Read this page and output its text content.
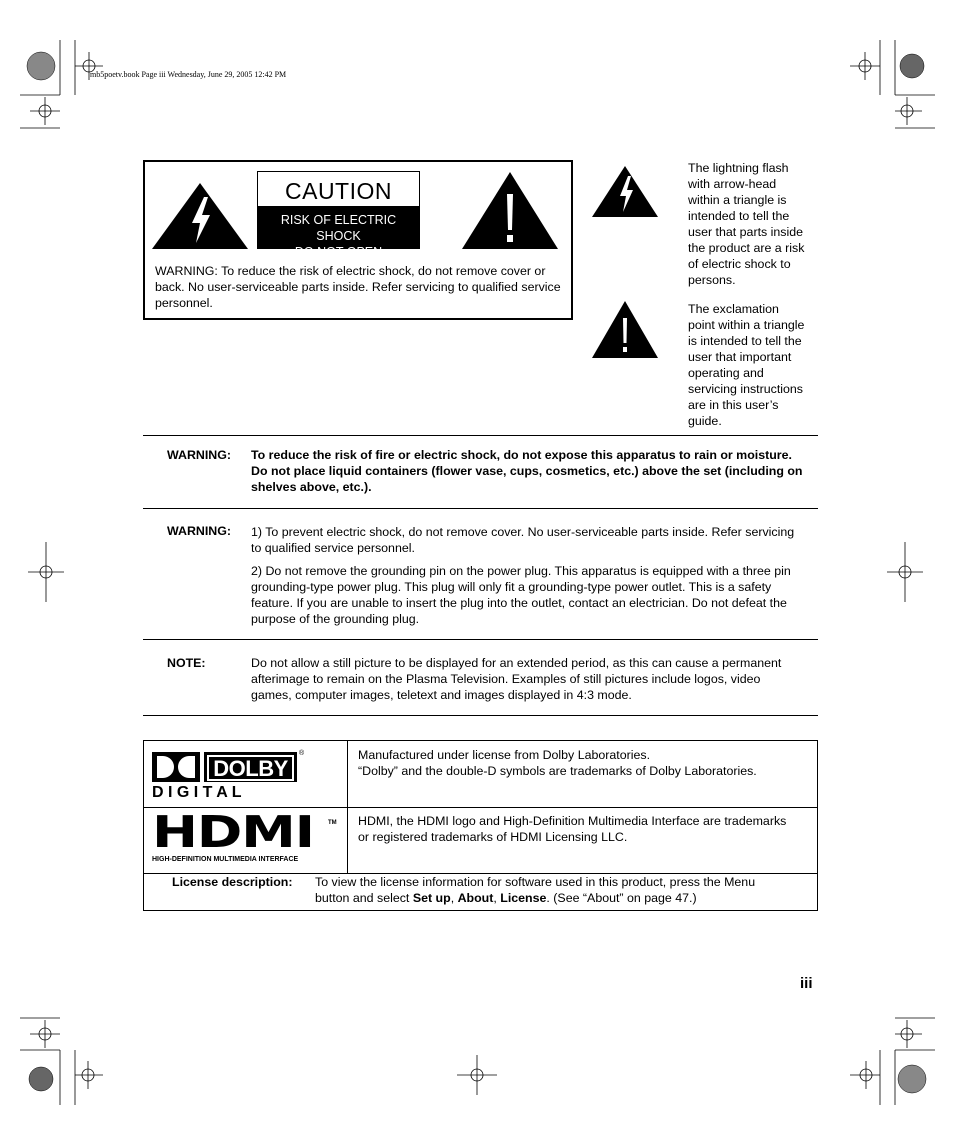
mb5poetv.book Page iii Wednesday, June 29, 2005 12:42 PM
CAUTION
RISK OF ELECTRIC SHOCK
DO NOT OPEN
WARNING: To reduce the risk of electric shock, do not remove cover or back. No user-serviceable parts inside. Refer servicing to qualified service personnel.
The lightning flash with arrow-head within a triangle is intended to tell the user that parts inside the product are a risk of electric shock to persons.
The exclamation point within a triangle is intended to tell the user that important operating and servicing instructions are in this user’s guide.
WARNING: To reduce the risk of fire or electric shock, do not expose this apparatus to rain or moisture. Do not place liquid containers (flower vase, cups, cosmetics, etc.) above the set (including on shelves above, etc.).
WARNING: 1) To prevent electric shock, do not remove cover. No user-serviceable parts inside. Refer servicing to qualified service personnel.
2) Do not remove the grounding pin on the power plug. This apparatus is equipped with a three pin grounding-type power plug. This plug will only fit a grounding-type power outlet. This is a safety feature. If you are unable to insert the plug into the outlet, contact an electrician. Do not defeat the purpose of the grounding plug.
NOTE:	Do not allow a still picture to be displayed for an extended period, as this can cause a permanent afterimage to remain on the Plasma Television. Examples of still pictures include logos, video games, computer images, teletext and images displayed in 4:3 mode.
DOLBY
®
D I G I T A L
Manufactured under license from Dolby Laboratories.
“Dolby” and the double-D symbols are trademarks of Dolby Laboratories.
HDMI TM
HIGH-DEFINITION MULTIMEDIA INTERFACE
HDMI, the HDMI logo and High-Definition Multimedia Interface are trademarks or registered trademarks of HDMI Licensing LLC.
License description: To view the license information for software used in this product, press the Menu button and select Set up, About, License. (See “About” on page 47.)
iii
